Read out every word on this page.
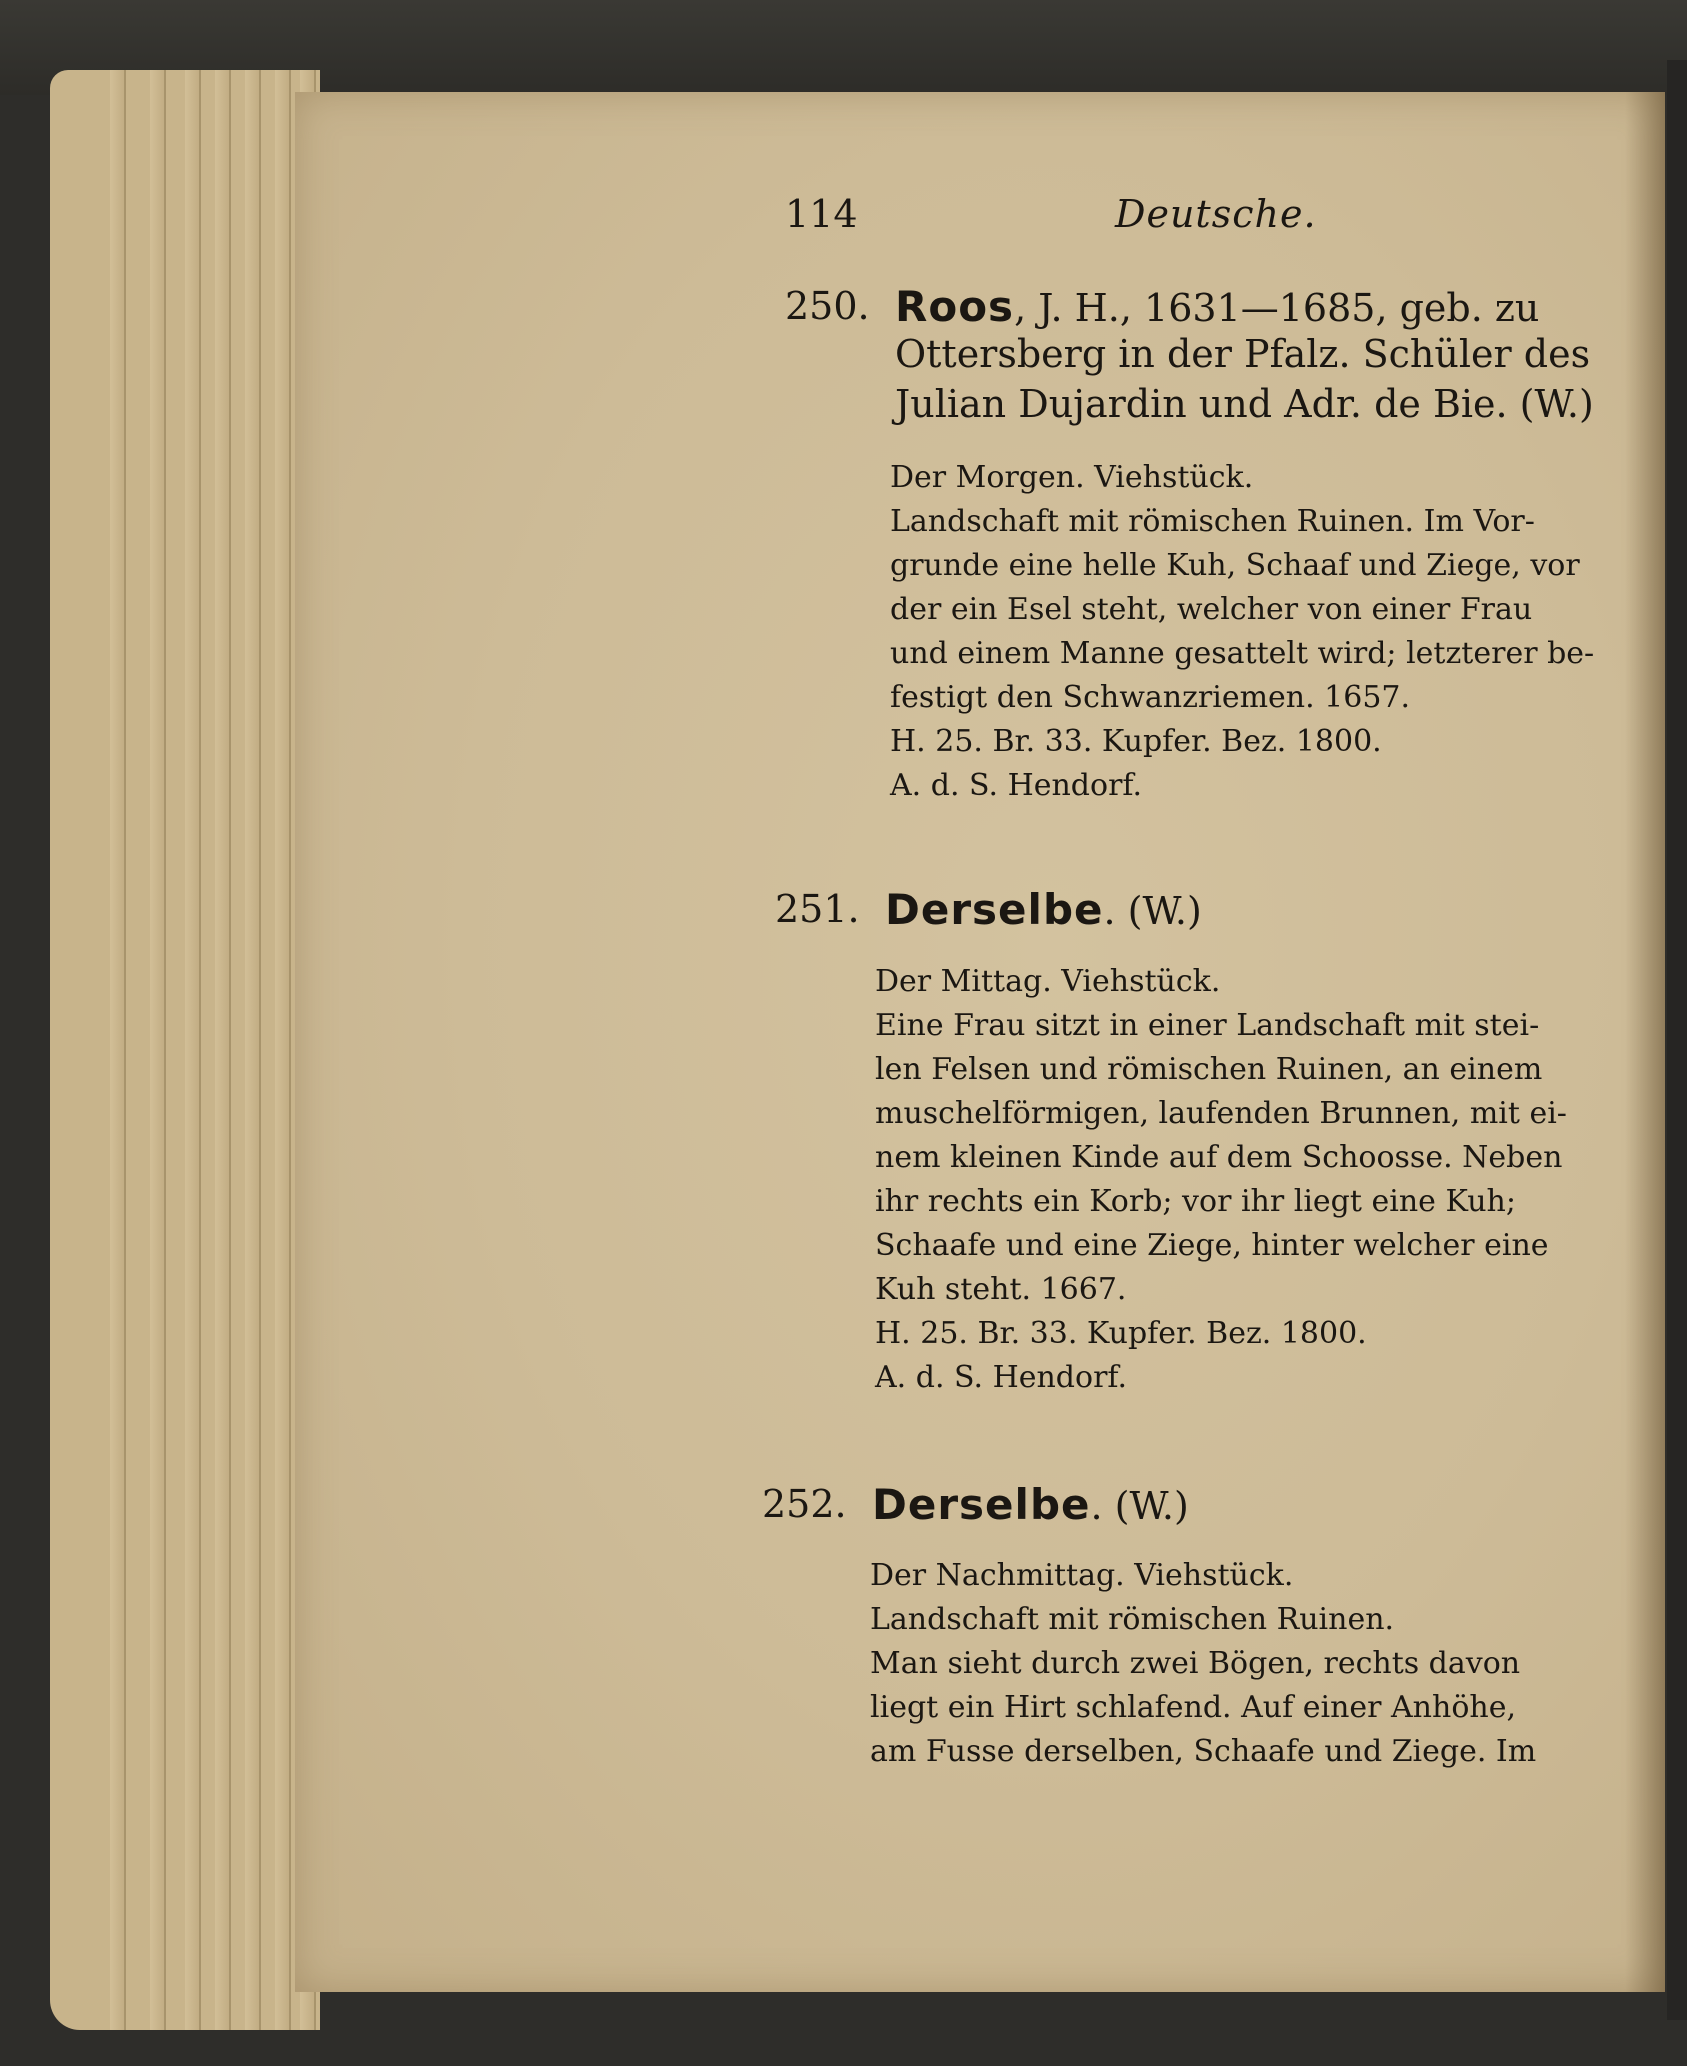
114	Deutsche.
250. Roos, J. H., 1631—1685, geb. zu
Ottersberg in der Pfalz. Schüler des
Julian Dujardin und Adr. de Bie. (W.)
Der Morgen. Viehstück.
Landschaft mit römischen Ruinen. Im Vor-
grunde eine helle Kuh, Schaaf und Ziege, vor
der ein Esel steht, welcher von einer Frau
und einem Manne gesattelt wird; letzterer be-
festigt den Schwanzriemen. 1657.
H. 25. Br. 33. Kupfer. Bez. 1800.
A. d. S. Hendorf.
251. Derselbe. (W.)
Der Mittag. Viehstück.
Eine Frau sitzt in einer Landschaft mit stei-
len Felsen und römischen Ruinen, an einem
muschelförmigen, laufenden Brunnen, mit ei-
nem kleinen Kinde auf dem Schoosse. Neben
ihr rechts ein Korb; vor ihr liegt eine Kuh;
Schaafe und eine Ziege, hinter welcher eine
Kuh steht. 1667.
H. 25. Br. 33. Kupfer. Bez. 1800.
A. d. S. Hendorf.
252. Derselbe. (W.)
Der Nachmittag. Viehstück.
Landschaft mit römischen Ruinen.
Man sieht durch zwei Bögen, rechts davon
liegt ein Hirt schlafend. Auf einer Anhöhe,
am Fusse derselben, Schaafe und Ziege. Im
